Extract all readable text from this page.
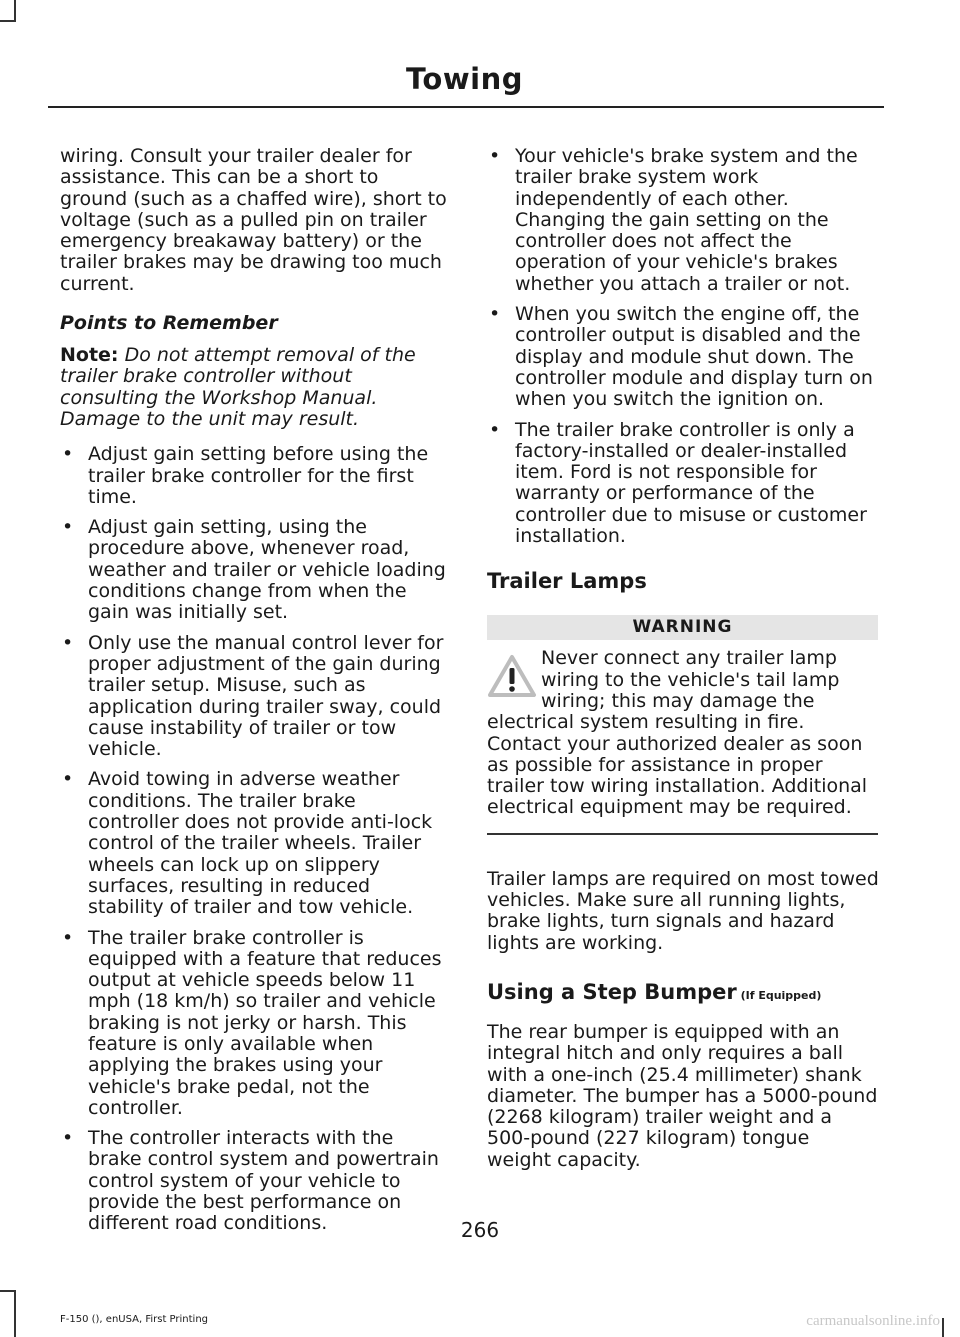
Towing

wiring. Consult your trailer dealer for assistance. This can be a short to ground (such as a chaffed wire), short to voltage (such as a pulled pin on trailer emergency breakaway battery) or the trailer brakes may be drawing too much current.

Points to Remember

Note: Do not attempt removal of the trailer brake controller without consulting the Workshop Manual. Damage to the unit may result.

• Adjust gain setting before using the trailer brake controller for the first time.
• Adjust gain setting, using the procedure above, whenever road, weather and trailer or vehicle loading conditions change from when the gain was initially set.
• Only use the manual control lever for proper adjustment of the gain during trailer setup. Misuse, such as application during trailer sway, could cause instability of trailer or tow vehicle.
• Avoid towing in adverse weather conditions. The trailer brake controller does not provide anti-lock control of the trailer wheels. Trailer wheels can lock up on slippery surfaces, resulting in reduced stability of trailer and tow vehicle.
• The trailer brake controller is equipped with a feature that reduces output at vehicle speeds below 11 mph (18 km/h) so trailer and vehicle braking is not jerky or harsh. This feature is only available when applying the brakes using your vehicle's brake pedal, not the controller.
• The controller interacts with the brake control system and powertrain control system of your vehicle to provide the best performance on different road conditions.
• Your vehicle's brake system and the trailer brake system work independently of each other. Changing the gain setting on the controller does not affect the operation of your vehicle's brakes whether you attach a trailer or not.
• When you switch the engine off, the controller output is disabled and the display and module shut down. The controller module and display turn on when you switch the ignition on.
• The trailer brake controller is only a factory-installed or dealer-installed item. Ford is not responsible for warranty or performance of the controller due to misuse or customer installation.

Trailer Lamps

WARNING
Never connect any trailer lamp wiring to the vehicle's tail lamp wiring; this may damage the electrical system resulting in fire. Contact your authorized dealer as soon as possible for assistance in proper trailer tow wiring installation. Additional electrical equipment may be required.

Trailer lamps are required on most towed vehicles. Make sure all running lights, brake lights, turn signals and hazard lights are working.

Using a Step Bumper (If Equipped)

The rear bumper is equipped with an integral hitch and only requires a ball with a one-inch (25.4 millimeter) shank diameter. The bumper has a 5000-pound (2268 kilogram) trailer weight and a 500-pound (227 kilogram) tongue weight capacity.

266
F-150 (), enUSA, First Printing	carmanualsonline.info
